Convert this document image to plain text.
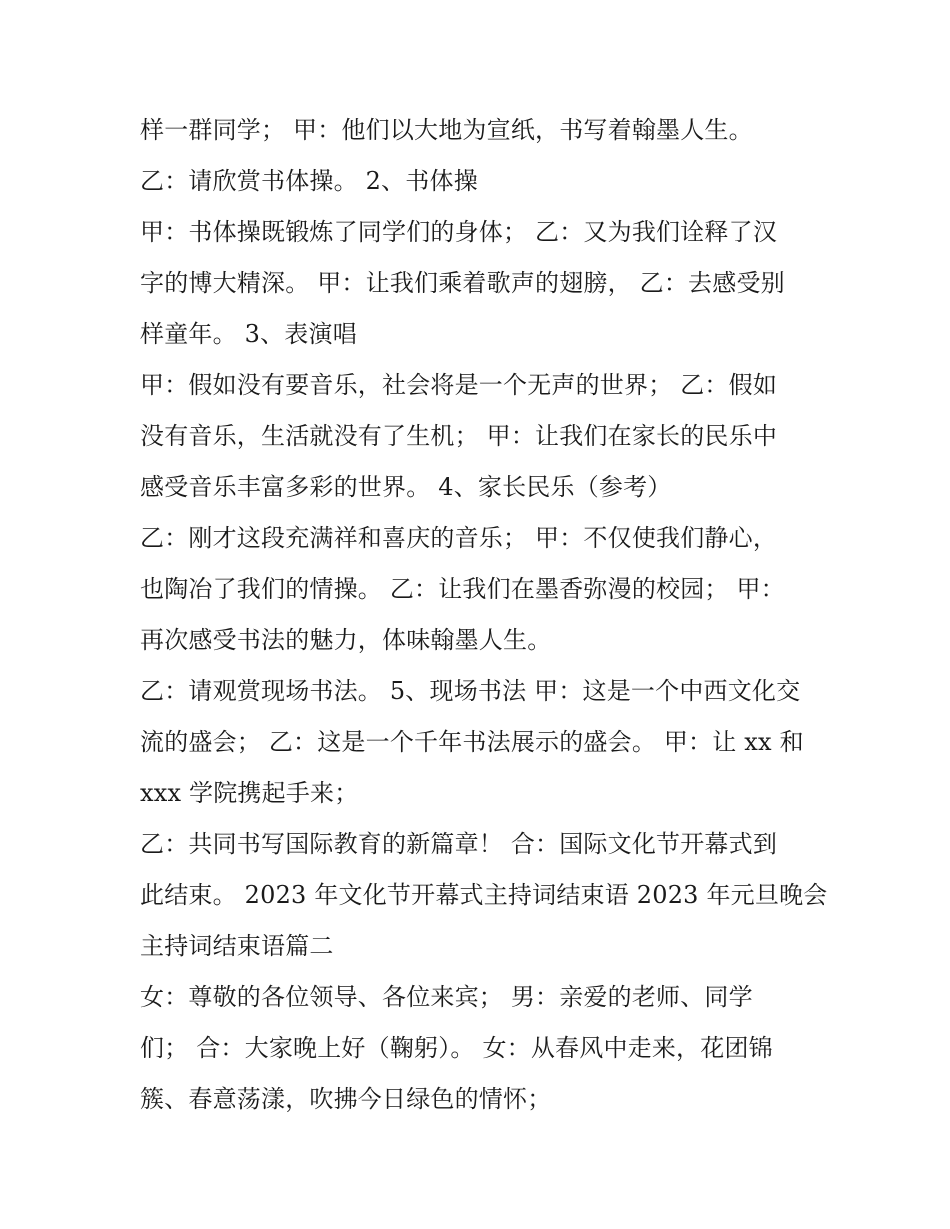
样一群同学； 甲：他们以大地为宣纸，书写着翰墨人生。
乙：请欣赏书体操。 2、书体操
甲：书体操既锻炼了同学们的身体； 乙：又为我们诠释了汉
字的博大精深。 甲：让我们乘着歌声的翅膀， 乙：去感受别
样童年。 3、表演唱
甲：假如没有要音乐，社会将是一个无声的世界； 乙：假如
没有音乐，生活就没有了生机； 甲：让我们在家长的民乐中
感受音乐丰富多彩的世界。 4、家长民乐（参考）
乙：刚才这段充满祥和喜庆的音乐； 甲：不仅使我们静心，
也陶冶了我们的情操。 乙：让我们在墨香弥漫的校园； 甲：
再次感受书法的魅力，体味翰墨人生。
乙：请观赏现场书法。 5、现场书法 甲：这是一个中西文化交
流的盛会； 乙：这是一个千年书法展示的盛会。 甲：让 xx 和
xxx 学院携起手来；
乙：共同书写国际教育的新篇章！ 合：国际文化节开幕式到
此结束。 2023 年文化节开幕式主持词结束语 2023 年元旦晚会
主持词结束语篇二
女：尊敬的各位领导、各位来宾； 男：亲爱的老师、同学
们； 合：大家晚上好（鞠躬）。 女：从春风中走来，花团锦
簇、春意荡漾，吹拂今日绿色的情怀；
